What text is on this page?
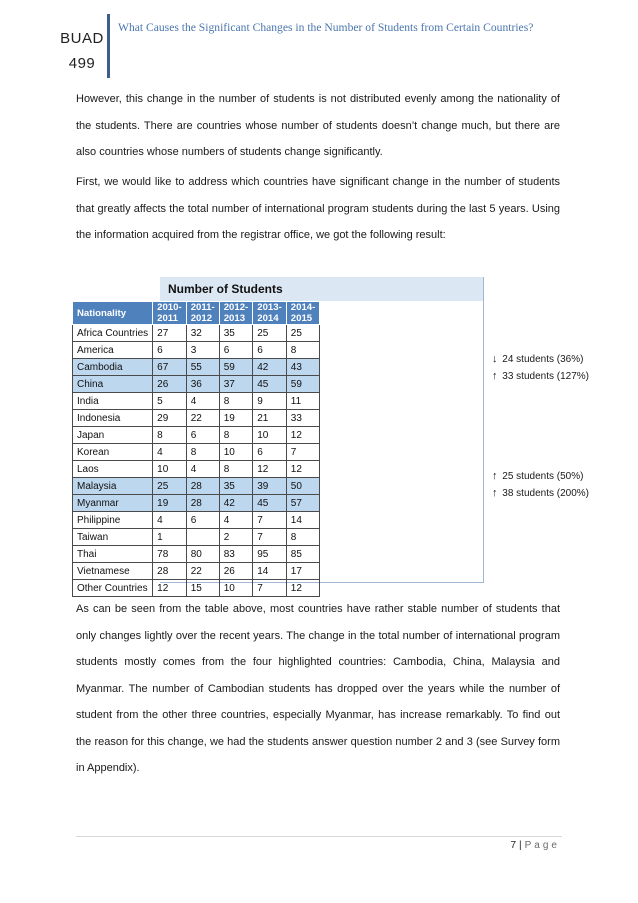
BUAD
499
What Causes the Significant Changes in the Number of Students from Certain Countries?

However, this change in the number of students is not distributed evenly among the nationality of the students. There are countries whose number of students doesn’t change much, but there are also countries whose numbers of students change significantly.

First, we would like to address which countries have significant change in the number of students that greatly affects the total number of international program students during the last 5 years. Using the information acquired from the registrar office, we got the following result:

Number of Students
Nationality	2010-2011	2011-2012	2012-2013	2013-2014	2014-2015
Africa Countries	27	32	35	25	25
America	6	3	6	6	8
Cambodia	67	55	59	42	43
China	26	36	37	45	59
India	5	4	8	9	11
Indonesia	29	22	19	21	33
Japan	8	6	8	10	12
Korean	4	8	10	6	7
Laos	10	4	8	12	12
Malaysia	25	28	35	39	50
Myanmar	19	28	42	45	57
Philippine	4	6	4	7	14
Taiwan	1		2	7	8
Thai	78	80	83	95	85
Vietnamese	28	22	26	14	17
Other Countries	12	15	10	7	12
↓ 24 students (36%)
↑ 33 students (127%)
↑ 25 students (50%)
↑ 38 students (200%)

As can be seen from the table above, most countries have rather stable number of students that only changes lightly over the recent years. The change in the total number of international program students mostly comes from the four highlighted countries: Cambodia, China, Malaysia and Myanmar. The number of Cambodian students has dropped over the years while the number of student from the other three countries, especially Myanmar, has increase remarkably. To find out the reason for this change, we had the students answer question number 2 and 3 (see Survey form in Appendix).

7 | Page
